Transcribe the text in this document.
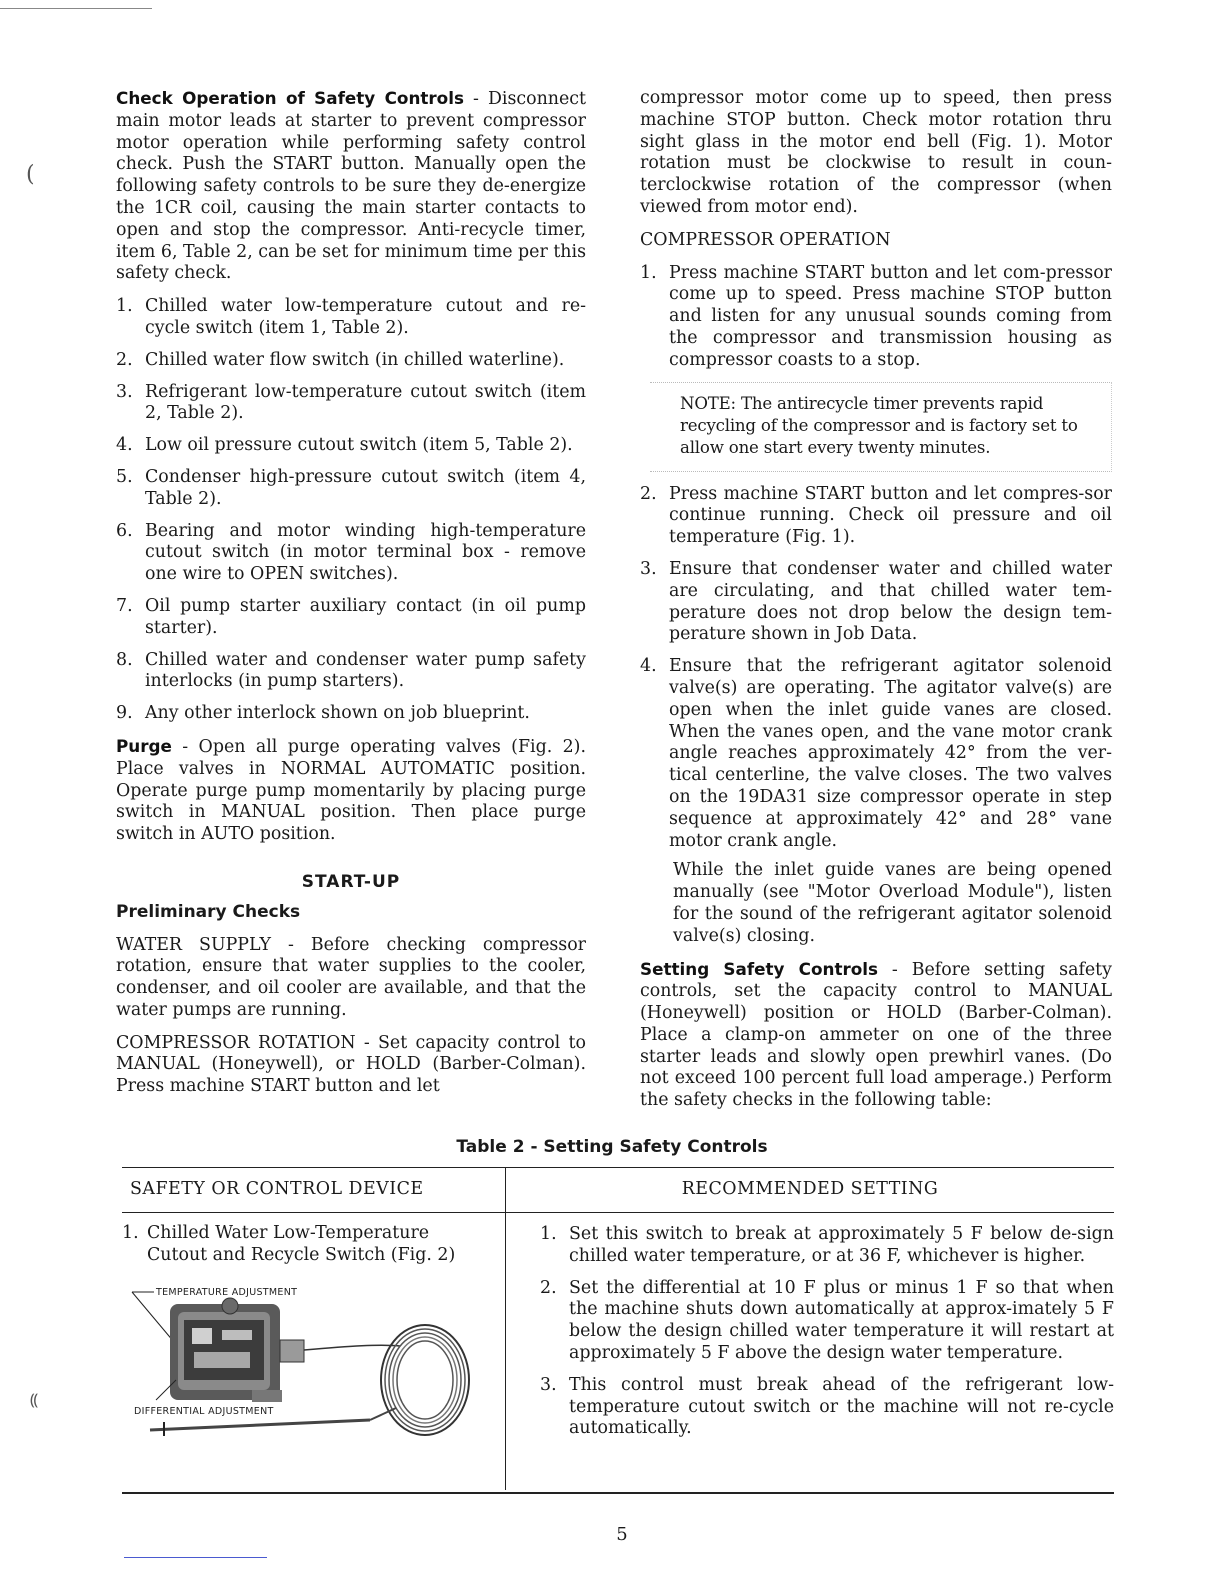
Check Operation of Safety Controls - Disconnect main motor leads at starter to prevent compressor motor operation while performing safety control check. Push the START button. Manually open the following safety controls to be sure they de-energize the 1CR coil, causing the main starter contacts to open and stop the compressor. Anti-recycle timer, item 6, Table 2, can be set for minimum time per this safety check.

1. Chilled water low-temperature cutout and re-cycle switch (item 1, Table 2).
2. Chilled water flow switch (in chilled waterline).
3. Refrigerant low-temperature cutout switch (item 2, Table 2).
4. Low oil pressure cutout switch (item 5, Table 2).
5. Condenser high-pressure cutout switch (item 4, Table 2).
6. Bearing and motor winding high-temperature cutout switch (in motor terminal box - remove one wire to OPEN switches).
7. Oil pump starter auxiliary contact (in oil pump starter).
8. Chilled water and condenser water pump safety interlocks (in pump starters).
9. Any other interlock shown on job blueprint.

Purge - Open all purge operating valves (Fig. 2). Place valves in NORMAL AUTOMATIC position. Operate purge pump momentarily by placing purge switch in MANUAL position. Then place purge switch in AUTO position.

START-UP
Preliminary Checks

WATER SUPPLY - Before checking compressor rotation, ensure that water supplies to the cooler, condenser, and oil cooler are available, and that the water pumps are running.

COMPRESSOR ROTATION - Set capacity control to MANUAL (Honeywell), or HOLD (Barber-Colman). Press machine START button and let

compressor motor come up to speed, then press machine STOP button. Check motor rotation thru sight glass in the motor end bell (Fig. 1). Motor rotation must be clockwise to result in coun-terclockwise rotation of the compressor (when viewed from motor end).

COMPRESSOR OPERATION

1. Press machine START button and let com-pressor come up to speed. Press machine STOP button and listen for any unusual sounds coming from the compressor and transmission housing as compressor coasts to a stop.
NOTE: The antirecycle timer prevents rapid recycling of the compressor and is factory set to allow one start every twenty minutes.
2. Press machine START button and let compres-sor continue running. Check oil pressure and oil temperature (Fig. 1).
3. Ensure that condenser water and chilled water are circulating, and that chilled water tem-perature does not drop below the design tem-perature shown in Job Data.
4. Ensure that the refrigerant agitator solenoid valve(s) are operating. The agitator valve(s) are open when the inlet guide vanes are closed. When the vanes open, and the vane motor crank angle reaches approximately 42° from the ver-tical centerline, the valve closes. The two valves on the 19DA31 size compressor operate in step sequence at approximately 42° and 28° vane motor crank angle.

While the inlet guide vanes are being opened manually (see "Motor Overload Module"), listen for the sound of the refrigerant agitator solenoid valve(s) closing.

Setting Safety Controls - Before setting safety controls, set the capacity control to MANUAL (Honeywell) position or HOLD (Barber-Colman). Place a clamp-on ammeter on one of the three starter leads and slowly open prewhirl vanes. (Do not exceed 100 percent full load amperage.) Perform the safety checks in the following table:

Table 2 - Setting Safety Controls
SAFETY OR CONTROL DEVICE	RECOMMENDED SETTING
1. Chilled Water Low-Temperature Cutout and Recycle Switch (Fig. 2)
TEMPERATURE ADJUSTMENT
DIFFERENTIAL ADJUSTMENT
1. Set this switch to break at approximately 5 F below de-sign chilled water temperature, or at 36 F, whichever is higher.
2. Set the differential at 10 F plus or minus 1 F so that when the machine shuts down automatically at approx-imately 5 F below the design chilled water temperature it will restart at approximately 5 F above the design water temperature.
3. This control must break ahead of the refrigerant low-temperature cutout switch or the machine will not re-cycle automatically.
(
⸨
5
